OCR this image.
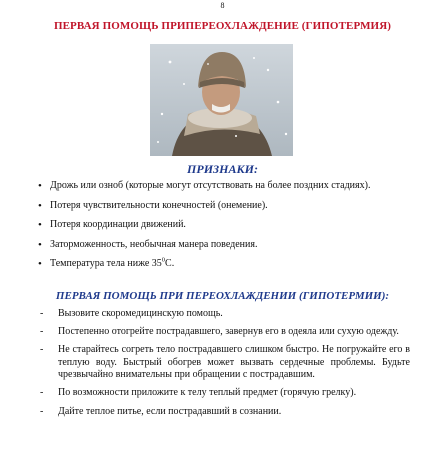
8
ПЕРВАЯ ПОМОЩЬ ПРИПЕРЕОХЛАЖДЕНИЕ (ГИПОТЕРМИЯ)
ПРИЗНАКИ:
• Дрожь или озноб (которые могут отсутствовать на более поздних стадиях).
• Потеря чувствительности конечностей (онемение).
• Потеря координации движений.
• Заторможенность, необычная манера поведения.
• Температура тела ниже $35^0С$.
ПЕРВАЯ ПОМОЩЬ ПРИ ПЕРЕОХЛАЖДЕНИИ (ГИПОТЕРМИИ):
- Вызовите скоромедицинскую помощь.
- Постепенно отогрейте пострадавшего, завернув его в одеяла или сухую одежду.
- Не старайтесь согреть тело пострадавшего слишком быстро. Не погружайте его в теплую воду. Быстрый обогрев может вызвать сердечные проблемы. Будьте чрезвычайно внимательны при обращении с пострадавшим.
- По возможности приложите к телу теплый предмет (горячую грелку).
- Дайте теплое питье, если пострадавший в сознании.
